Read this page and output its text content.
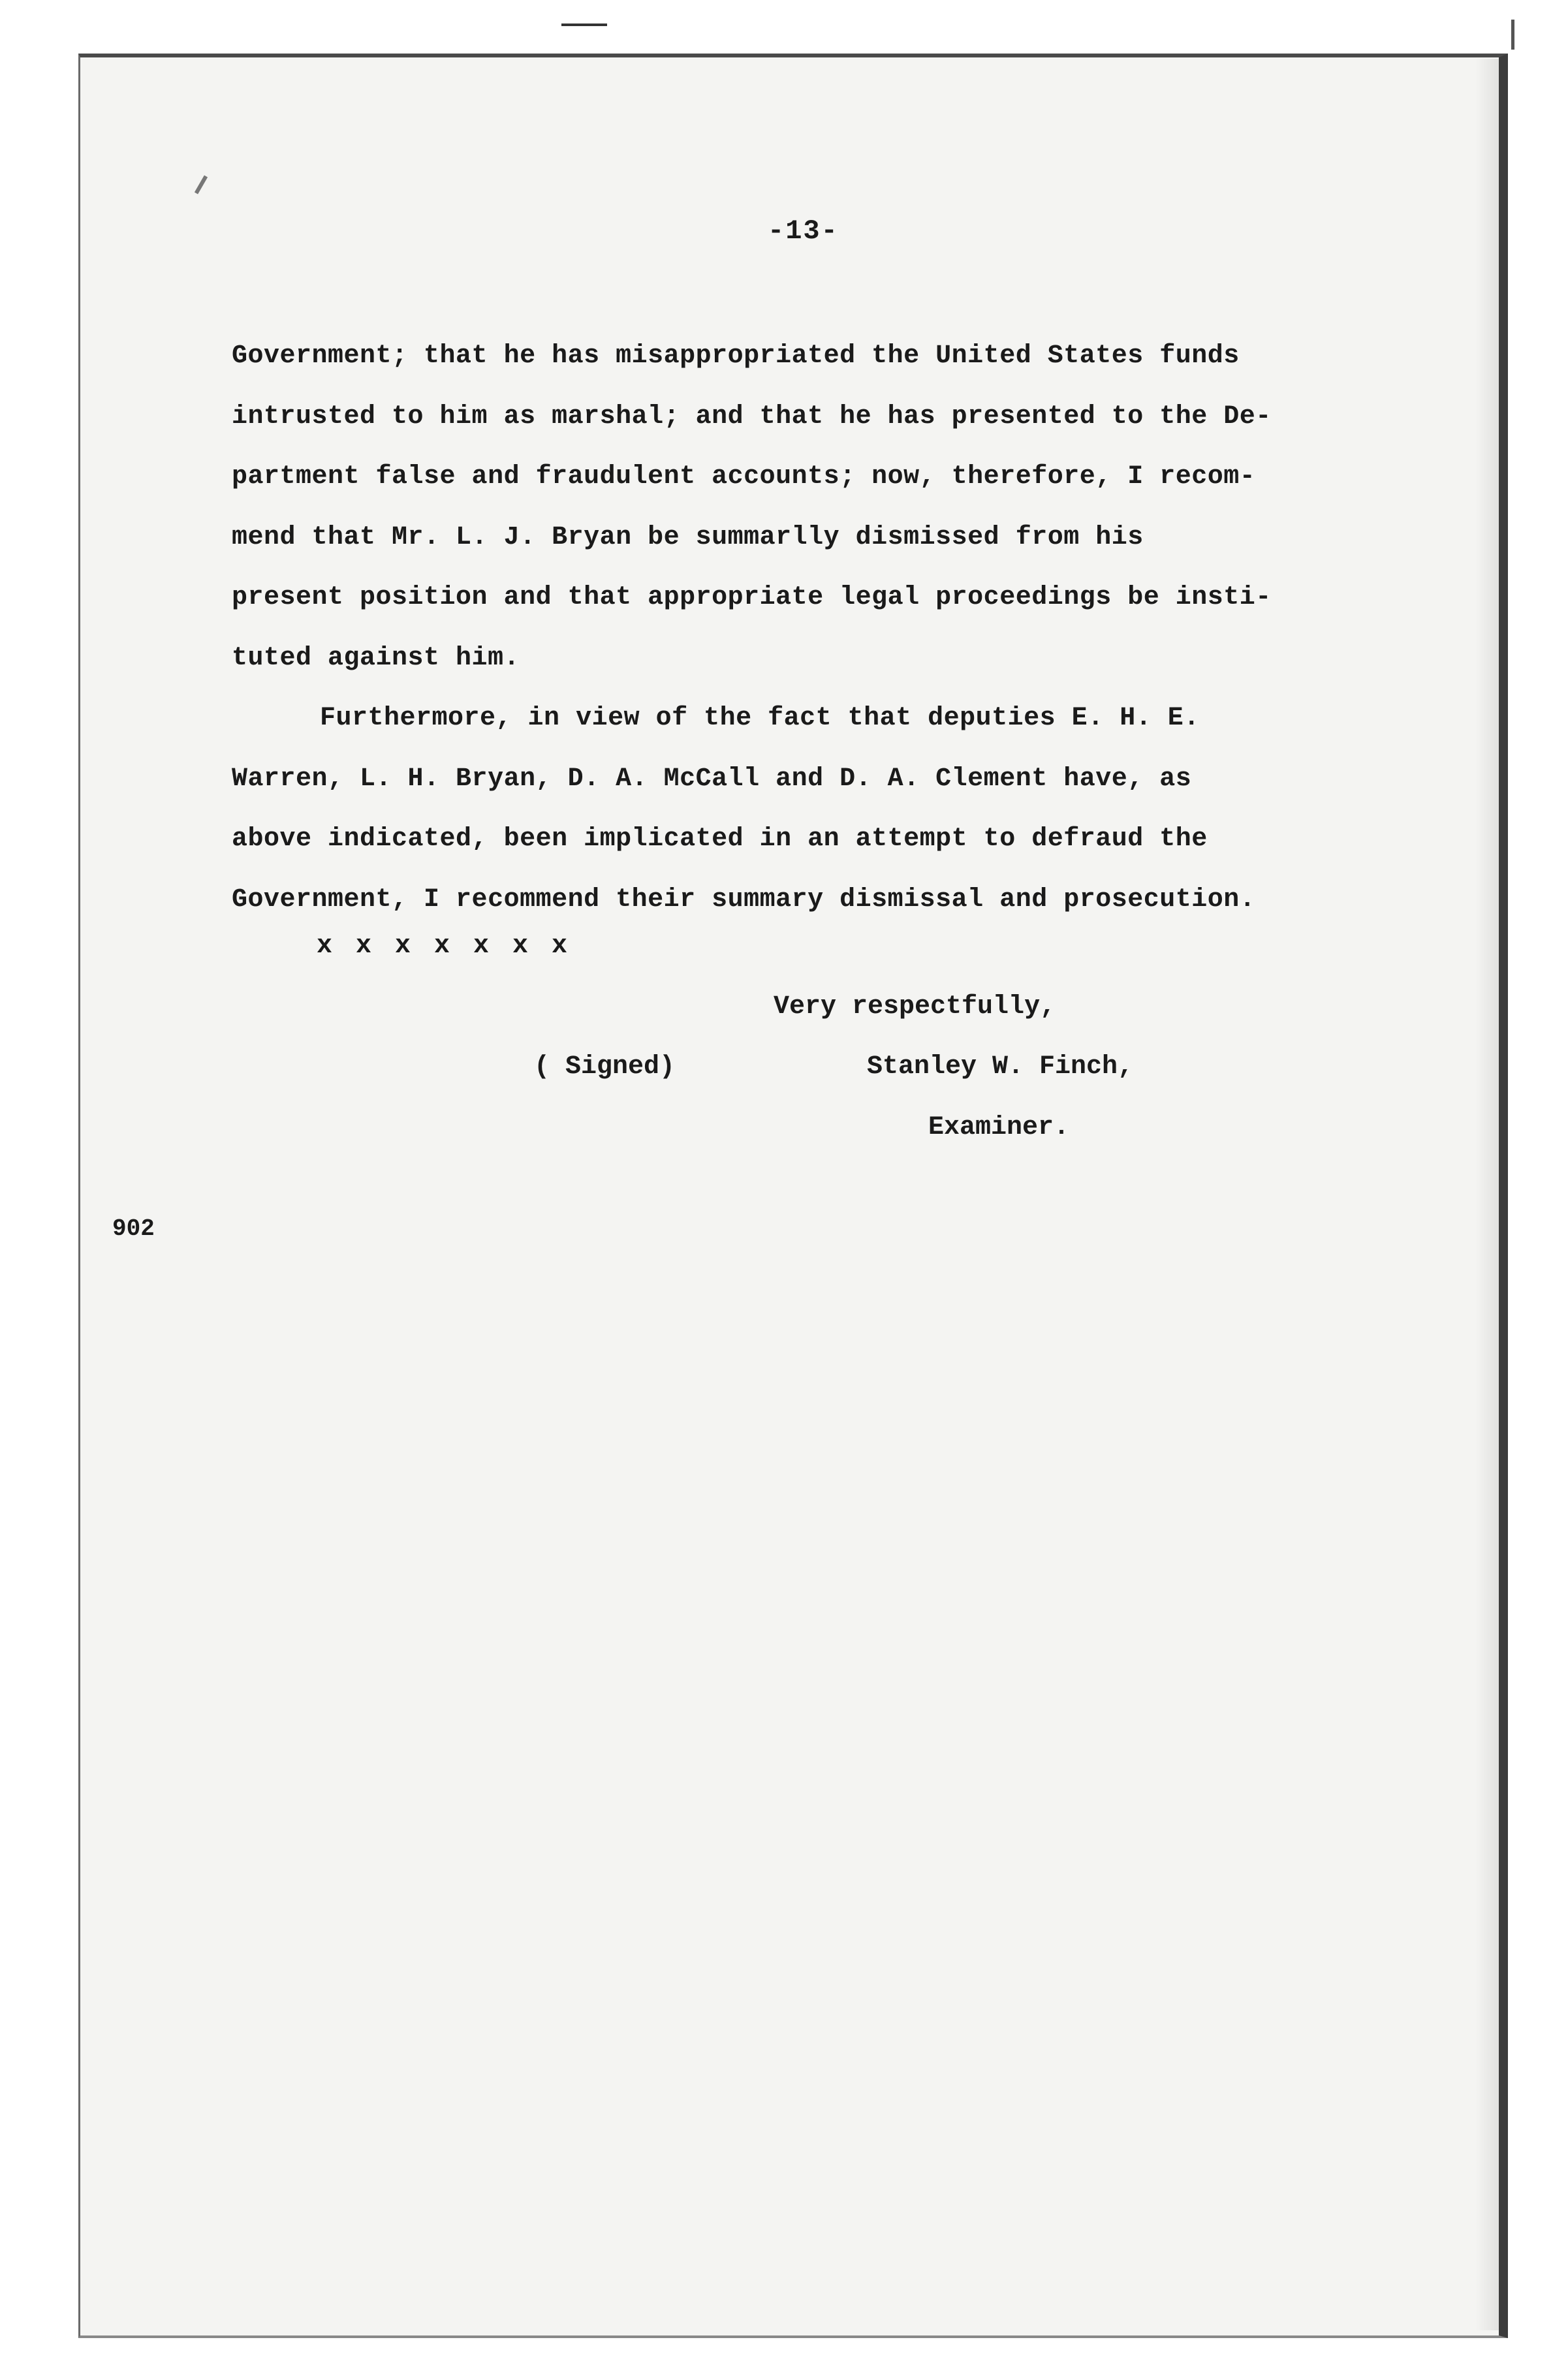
-13-
Government; that he has misappropriated the United States funds
intrusted to him as marshal; and that he has presented to the De-
partment false and fraudulent accounts; now, therefore, I recom-
mend that Mr. L. J. Bryan be summarlly dismissed from his
present position and that appropriate legal proceedings be insti-
tuted against him.
Furthermore, in view of the fact that deputies E. H. E.
Warren, L. H. Bryan, D. A. McCall and D. A. Clement have, as
above indicated, been implicated in an attempt to defraud the
Government, I recommend their summary dismissal and prosecution.
x x x x x x x
Very respectfully,
( Signed)	Stanley W. Finch,
Examiner.
902
